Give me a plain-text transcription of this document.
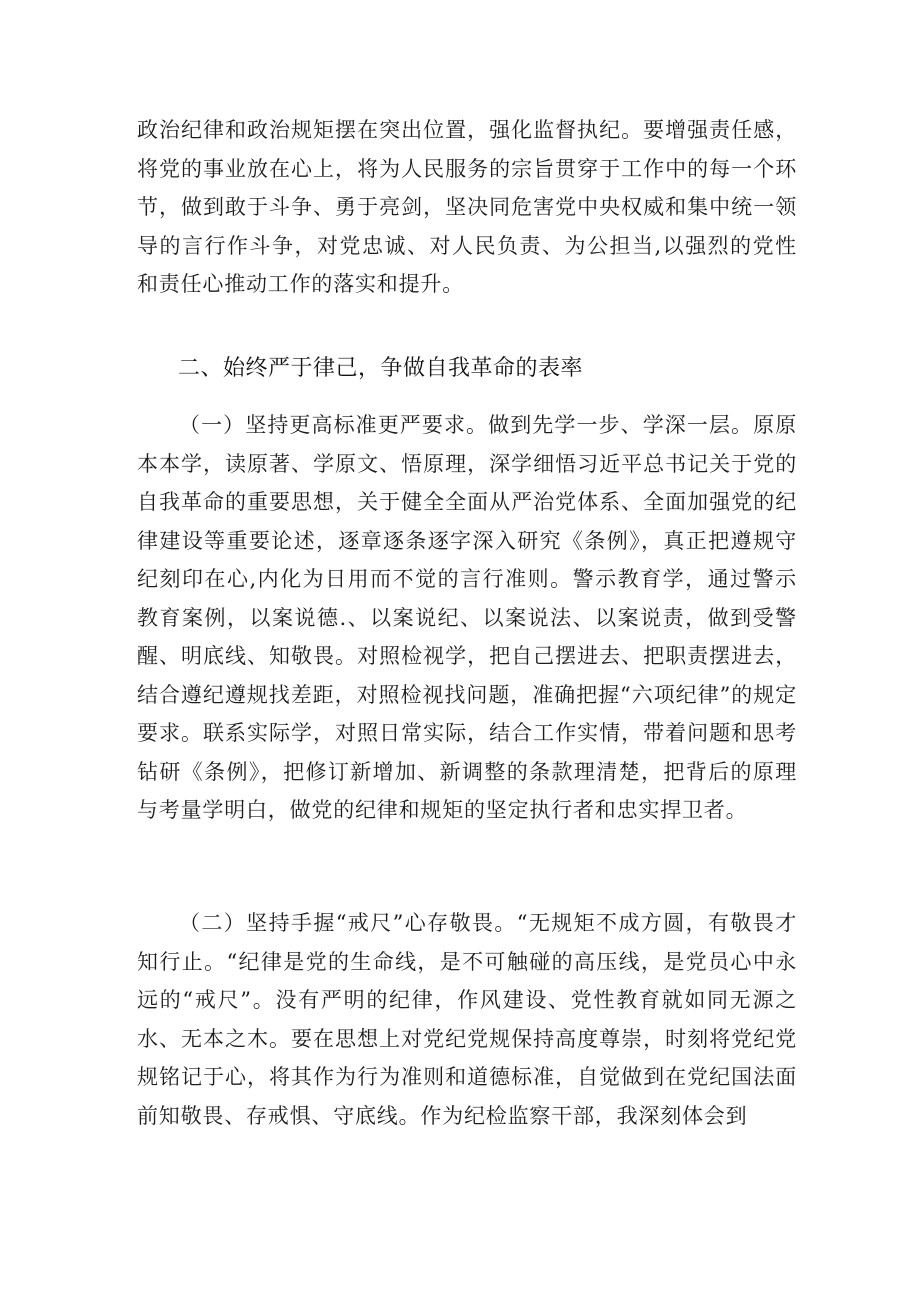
政治纪律和政治规矩摆在突出位置，强化监督执纪。要增强责任感，将党的事业放在心上，将为人民服务的宗旨贯穿于工作中的每一个环节，做到敢于斗争、勇于亮剑，坚决同危害党中央权威和集中统一领导的言行作斗争，对党忠诚、对人民负责、为公担当,以强烈的党性和责任心推动工作的落实和提升。

二、始终严于律己，争做自我革命的表率

（一）坚持更高标准更严要求。做到先学一步、学深一层。原原本本学，读原著、学原文、悟原理，深学细悟习近平总书记关于党的自我革命的重要思想，关于健全全面从严治党体系、全面加强党的纪律建设等重要论述，逐章逐条逐字深入研究《条例》，真正把遵规守纪刻印在心,内化为日用而不觉的言行准则。警示教育学，通过警示教育案例，以案说德.、以案说纪、以案说法、以案说责，做到受警醒、明底线、知敬畏。对照检视学，把自己摆进去、把职责摆进去，结合遵纪遵规找差距，对照检视找问题，准确把握“六项纪律”的规定要求。联系实际学，对照日常实际，结合工作实情，带着问题和思考钻研《条例》，把修订新增加、新调整的条款理清楚，把背后的原理与考量学明白，做党的纪律和规矩的坚定执行者和忠实捍卫者。

（二）坚持手握“戒尺”心存敬畏。“无规矩不成方圆，有敬畏才知行止。“纪律是党的生命线，是不可触碰的高压线，是党员心中永远的“戒尺”。没有严明的纪律，作风建设、党性教育就如同无源之水、无本之木。要在思想上对党纪党规保持高度尊崇，时刻将党纪党规铭记于心，将其作为行为准则和道德标准，自觉做到在党纪国法面前知敬畏、存戒惧、守底线。作为纪检监察干部，我深刻体会到
